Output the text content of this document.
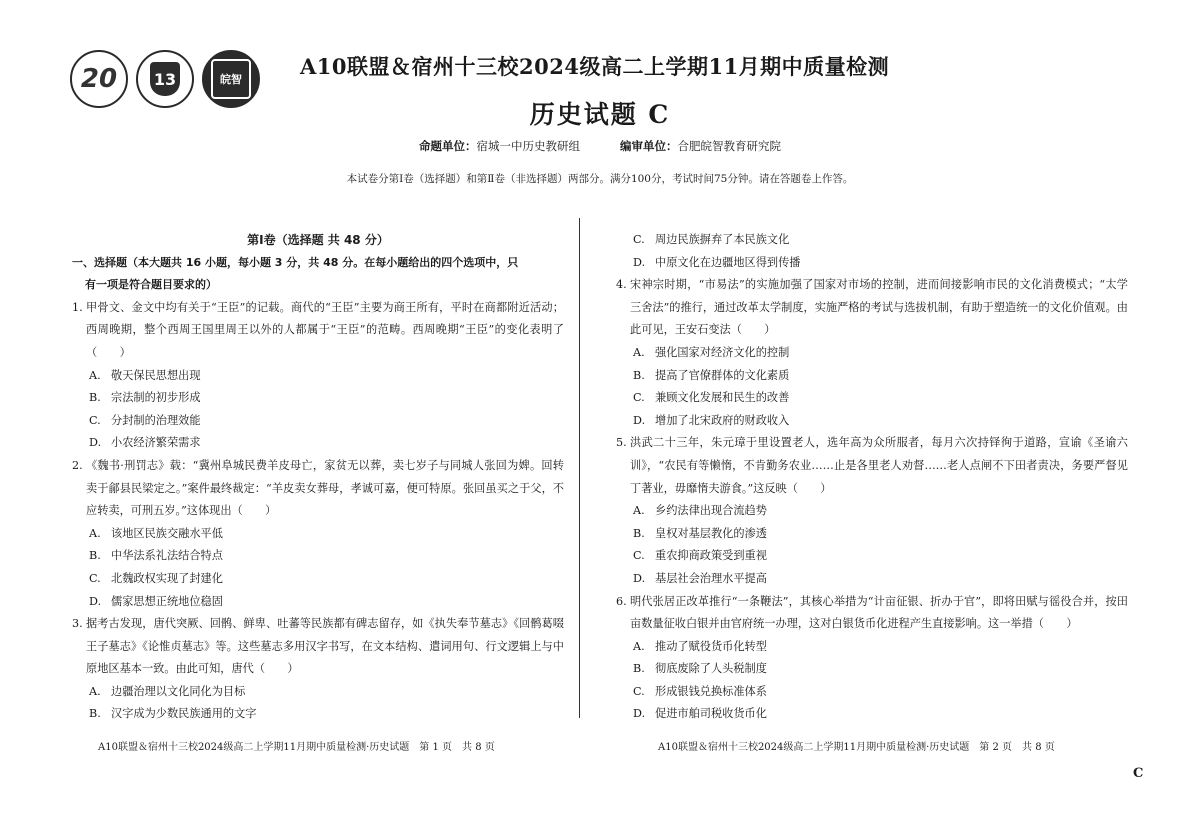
20 13	皖智
A10联盟＆宿州十三校2024级高二上学期11月期中质量检测
历史试题 C
命题单位：宿城一中历史教研组	编审单位：合肥皖智教育研究院
本试卷分第Ⅰ卷（选择题）和第Ⅱ卷（非选择题）两部分。满分100分，考试时间75分钟。请在答题卷上作答。
第Ⅰ卷（选择题 共 48 分）
一、选择题（本大题共 16 小题，每小题 3 分，共 48 分。在每小题给出的四个选项中，只
有一项是符合题目要求的）
1. 甲骨文、金文中均有关于“王臣”的记载。商代的“王臣”主要为商王所有，平时在商都附近活动；西周晚期，整个西周王国里周王以外的人都属于“王臣”的范畴。西周晚期“王臣”的变化表明了（　　）
A. 敬天保民思想出现
B. 宗法制的初步形成
C. 分封制的治理效能
D. 小农经济繁荣需求
2. 《魏书·刑罚志》载：“冀州阜城民费羊皮母亡，家贫无以葬，卖七岁子与同城人张回为婢。回转卖于鄃县民梁定之。”案件最终裁定：“羊皮卖女葬母，孝诚可嘉，便可特原。张回虽买之于父，不应转卖，可刑五岁。”这体现出（　　）
A. 该地区民族交融水平低
B. 中华法系礼法结合特点
C. 北魏政权实现了封建化
D. 儒家思想正统地位稳固
3. 据考古发现，唐代突厥、回鹘、鲜卑、吐蕃等民族都有碑志留存，如《执失奉节墓志》《回鹘葛啜王子墓志》《论惟贞墓志》等。这些墓志多用汉字书写，在文本结构、遣词用句、行文逻辑上与中原地区基本一致。由此可知，唐代（　　）
A. 边疆治理以文化同化为目标
B. 汉字成为少数民族通用的文字
C. 周边民族摒弃了本民族文化
D. 中原文化在边疆地区得到传播
4. 宋神宗时期，“市易法”的实施加强了国家对市场的控制，进而间接影响市民的文化消费模式；“太学三舍法”的推行，通过改革太学制度，实施严格的考试与选拔机制，有助于塑造统一的文化价值观。由此可见，王安石变法（　　）
A. 强化国家对经济文化的控制
B. 提高了官僚群体的文化素质
C. 兼顾文化发展和民生的改善
D. 增加了北宋政府的财政收入
5. 洪武二十三年，朱元璋于里设置老人，选年高为众所服者，每月六次持铎徇于道路，宣谕《圣谕六训》，“农民有等懒惰，不肯勤务农业……止是各里老人劝督……老人点闸不下田者责决，务要严督见丁著业，毋靡惰夫游食。”这反映（　　）
A. 乡约法律出现合流趋势
B. 皇权对基层教化的渗透
C. 重农抑商政策受到重视
D. 基层社会治理水平提高
6. 明代张居正改革推行“一条鞭法”，其核心举措为“计亩征银、折办于官”，即将田赋与徭役合并，按田亩数量征收白银并由官府统一办理，这对白银货币化进程产生直接影响。这一举措（　　）
A. 推动了赋役货币化转型
B. 彻底废除了人头税制度
C. 形成银钱兑换标准体系
D. 促进市舶司税收货币化
A10联盟＆宿州十三校2024级高二上学期11月期中质量检测·历史试题　第 1 页　共 8 页	A10联盟＆宿州十三校2024级高二上学期11月期中质量检测·历史试题　第 2 页　共 8 页
C
